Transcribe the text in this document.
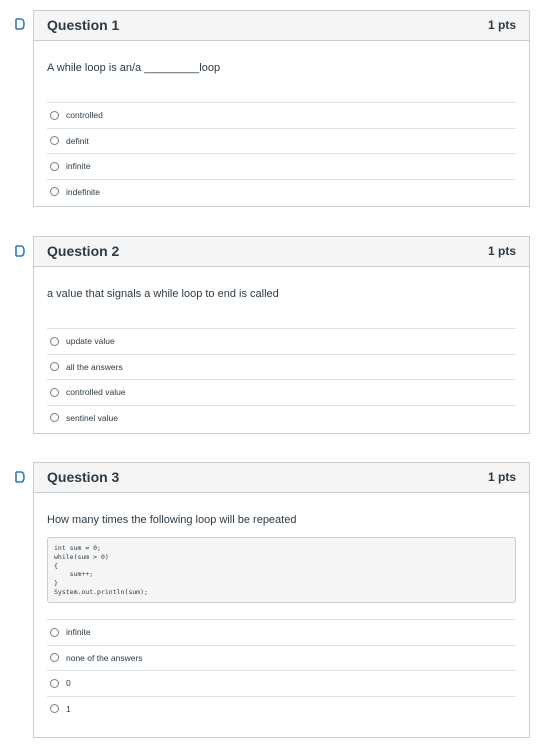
Question 1	1 pts
A while loop is an/a _________loop
controlled
definit
infinite
indefinite
Question 2	1 pts
a value that signals a while loop to end is called
update value
all the answers
controlled value
sentinel value
Question 3	1 pts
How many times the following loop will be repeated
int sum = 0;
while(sum > 0)
{
sum++;
}
System.out.println(sum);
infinite
none of the answers
0
1
